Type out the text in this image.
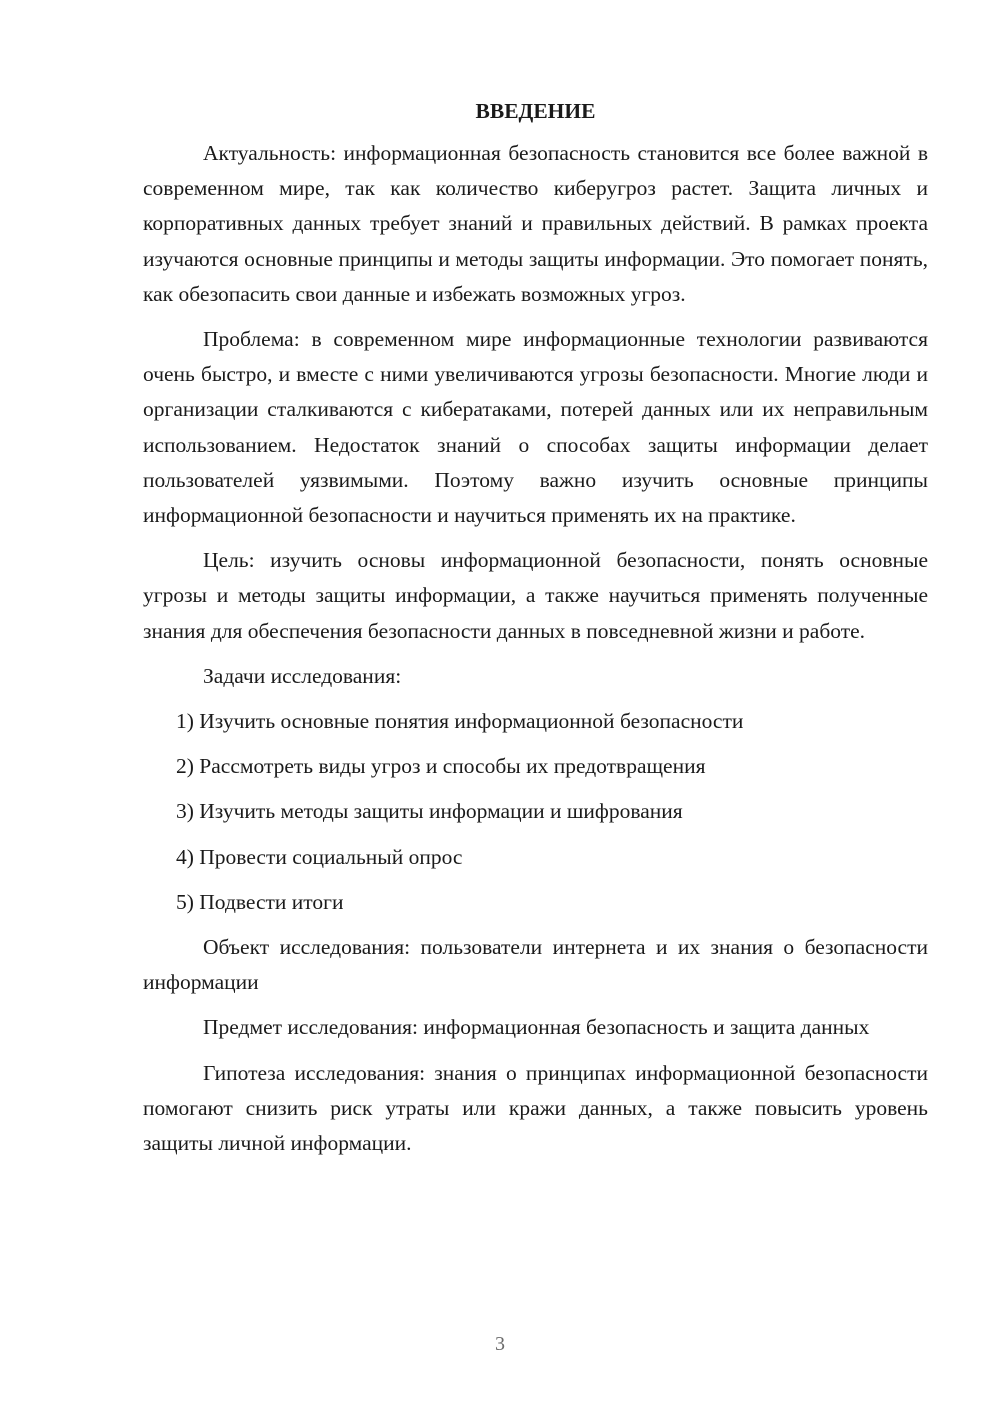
ВВЕДЕНИЕ

Актуальность: информационная безопасность становится все более важной в современном мире, так как количество киберугроз растет. Защита личных и корпоративных данных требует знаний и правильных действий. В рамках проекта изучаются основные принципы и методы защиты информации. Это помогает понять, как обезопасить свои данные и избежать возможных угроз.

Проблема: в современном мире информационные технологии развиваются очень быстро, и вместе с ними увеличиваются угрозы безопасности. Многие люди и организации сталкиваются с кибератаками, потерей данных или их неправильным использованием. Недостаток знаний о способах защиты информации делает пользователей уязвимыми. Поэтому важно изучить основные принципы информационной безопасности и научиться применять их на практике.

Цель: изучить основы информационной безопасности, понять основные угрозы и методы защиты информации, а также научиться применять полученные знания для обеспечения безопасности данных в повседневной жизни и работе.

Задачи исследования:

1) Изучить основные понятия информационной безопасности
2) Рассмотреть виды угроз и способы их предотвращения
3) Изучить методы защиты информации и шифрования
4) Провести социальный опрос
5) Подвести итоги

Объект исследования: пользователи интернета и их знания о безопасности информации

Предмет исследования: информационная безопасность и защита данных

Гипотеза исследования: знания о принципах информационной безопасности помогают снизить риск утраты или кражи данных, а также повысить уровень защиты личной информации.

3
